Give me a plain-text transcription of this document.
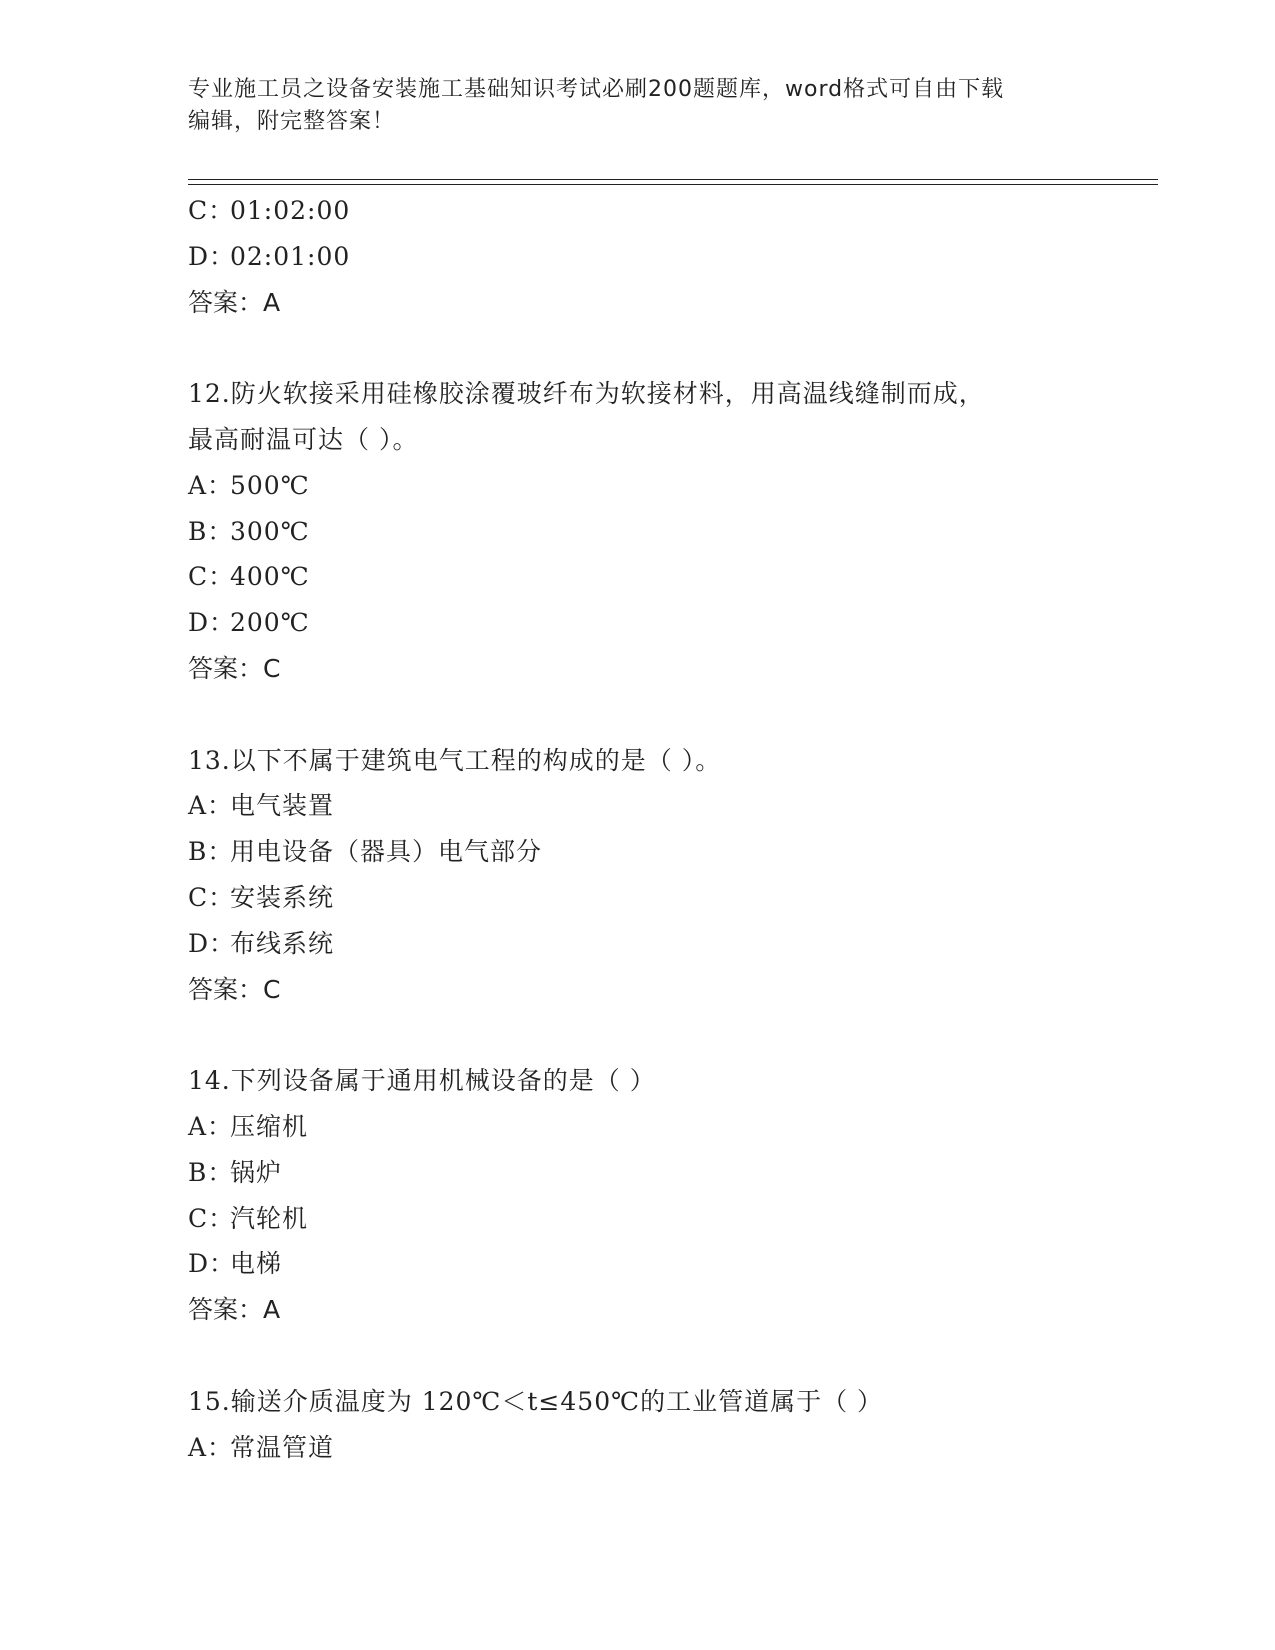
专业施工员之设备安装施工基础知识考试必刷200题题库，word格式可自由下载
编辑，附完整答案！
C：01:02:00
D：02:01:00
答案：A
12.防火软接采用硅橡胶涂覆玻纤布为软接材料，用高温线缝制而成，
最高耐温可达（ ）。
A：500℃
B：300℃
C：400℃
D：200℃
答案：C
13.以下不属于建筑电气工程的构成的是（ ）。
A：电气装置
B：用电设备（器具）电气部分
C：安装系统
D：布线系统
答案：C
14.下列设备属于通用机械设备的是（ ）
A：压缩机
B：锅炉
C：汽轮机
D：电梯
答案：A
15.输送介质温度为 120℃＜t≤450℃的工业管道属于（ ）
A：常温管道
